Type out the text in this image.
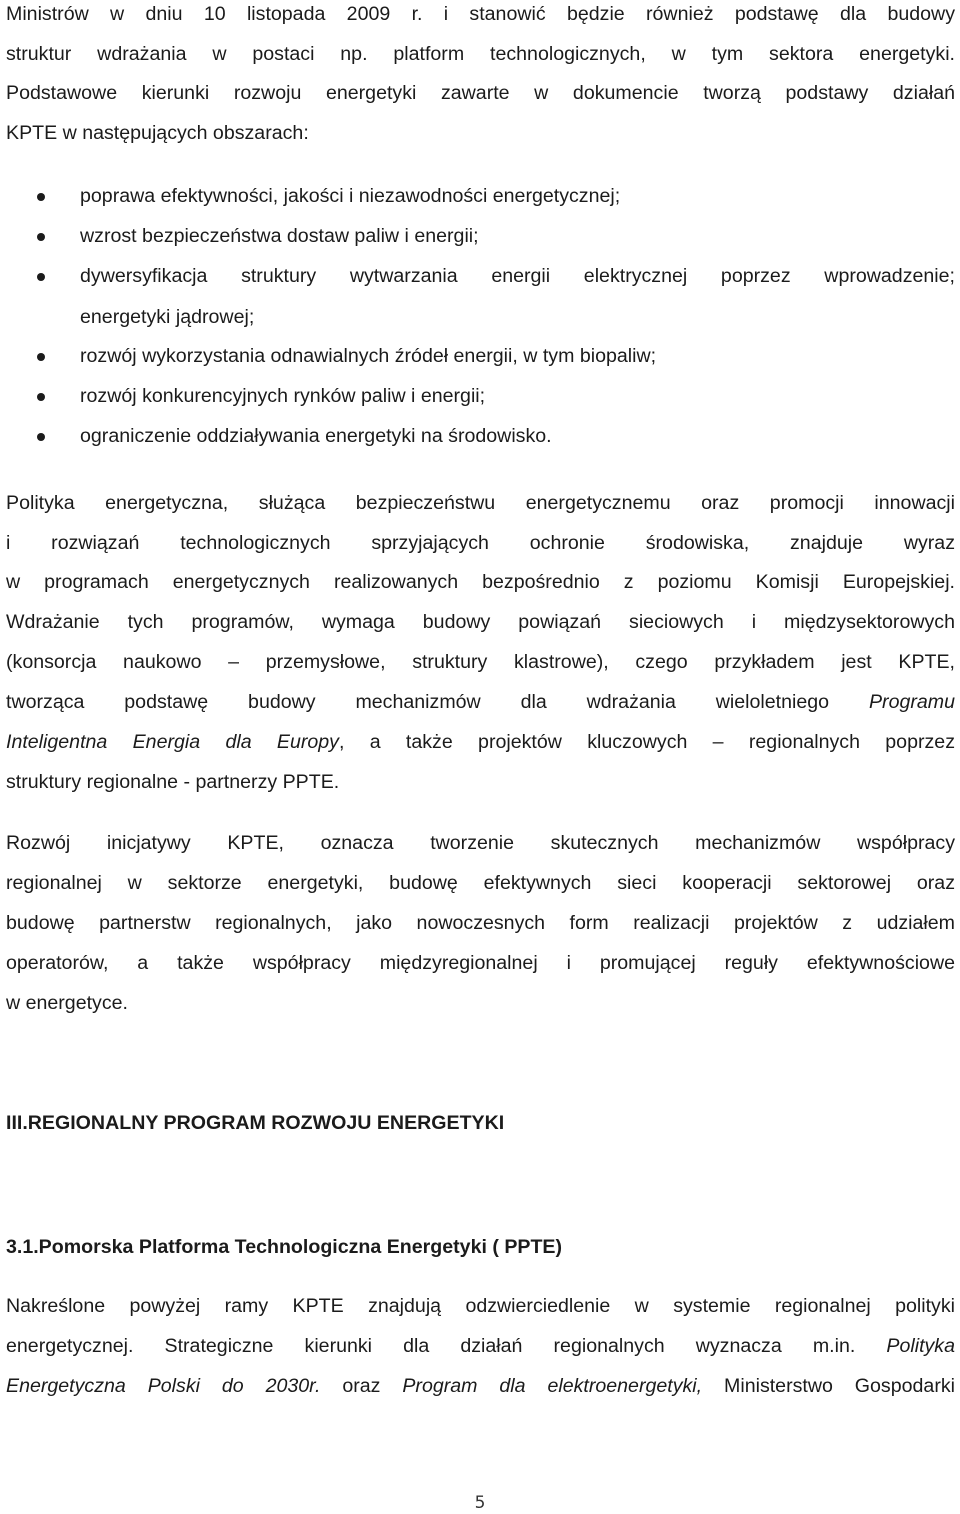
Ministrów w dniu 10 listopada 2009 r. i stanowić będzie również podstawę dla budowy
struktur wdrażania w postaci np. platform technologicznych, w tym sektora energetyki.
Podstawowe kierunki rozwoju energetyki zawarte w dokumencie tworzą podstawy działań
KPTE w następujących obszarach:
poprawa efektywności, jakości i niezawodności energetycznej;
wzrost bezpieczeństwa dostaw paliw i energii;
dywersyfikacja struktury wytwarzania energii elektrycznej poprzez wprowadzenie;
energetyki jądrowej;
rozwój wykorzystania odnawialnych źródeł energii, w tym biopaliw;
rozwój konkurencyjnych rynków paliw i energii;
ograniczenie oddziaływania energetyki na środowisko.
Polityka energetyczna, służąca bezpieczeństwu energetycznemu oraz promocji innowacji
i rozwiązań technologicznych sprzyjających ochronie środowiska, znajduje wyraz
w programach energetycznych realizowanych bezpośrednio z poziomu Komisji Europejskiej.
Wdrażanie tych programów, wymaga budowy powiązań sieciowych i międzysektorowych
(konsorcja naukowo – przemysłowe, struktury klastrowe), czego przykładem jest KPTE,
tworząca podstawę budowy mechanizmów dla wdrażania wieloletniego Programu
Inteligentna Energia dla Europy, a także projektów kluczowych – regionalnych poprzez
struktury regionalne - partnerzy PPTE.
Rozwój inicjatywy KPTE, oznacza tworzenie skutecznych mechanizmów współpracy
regionalnej w sektorze energetyki, budowę efektywnych sieci kooperacji sektorowej oraz
budowę partnerstw regionalnych, jako nowoczesnych form realizacji projektów z udziałem
operatorów, a także współpracy międzyregionalnej i promującej reguły efektywnościowe
w energetyce.
III.REGIONALNY PROGRAM ROZWOJU ENERGETYKI
3.1.Pomorska Platforma Technologiczna Energetyki ( PPTE)
Nakreślone powyżej ramy KPTE znajdują odzwierciedlenie w systemie regionalnej polityki
energetycznej. Strategiczne kierunki dla działań regionalnych wyznacza m.in. Polityka
Energetyczna Polski do 2030r. oraz Program dla elektroenergetyki, Ministerstwo Gospodarki
5
